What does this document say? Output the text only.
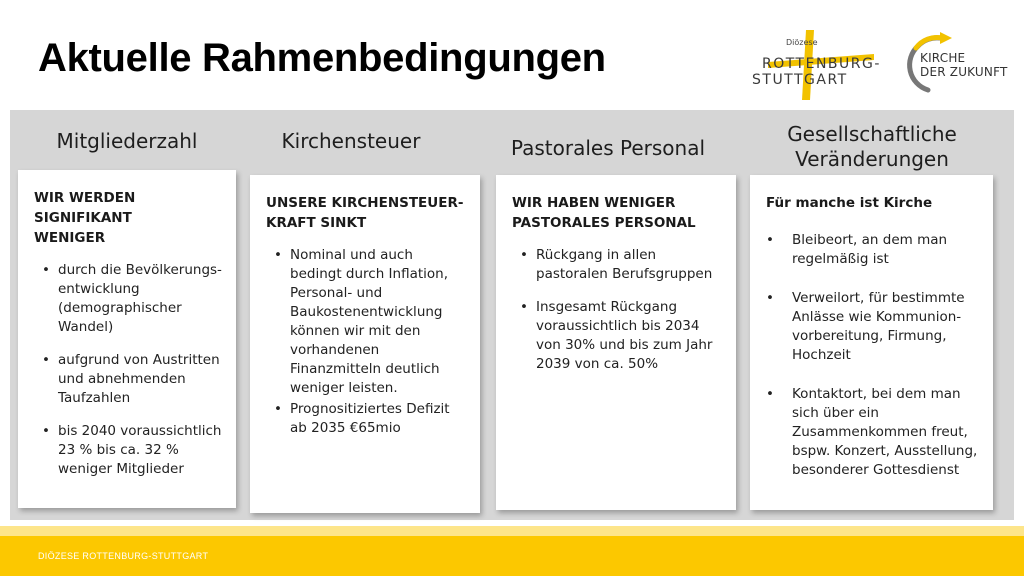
Aktuelle Rahmenbedingungen	Diözese
ROTTENBURG-
STUTTGART
KIRCHE
DER ZUKUNFT
Mitgliederzahl	Kirchensteuer	Pastorales Personal
Gesellschaftliche
Veränderungen
WIR WERDEN SIGNIFIKANT
WENIGER
• durch die Bevölkerungs- entwicklung (demographischer Wandel)
• aufgrund von Austritten und abnehmenden Taufzahlen
• bis 2040 voraussichtlich 23 % bis ca. 32 % weniger Mitglieder
UNSERE KIRCHENSTEUER-
KRAFT SINKT
• Nominal und auch bedingt durch Inflation, Personal- und Baukostenentwicklung können wir mit den vorhandenen Finanzmitteln deutlich weniger leisten.
• Prognositiziertes Defizit ab 2035 €65mio
WIR HABEN WENIGER
PASTORALES PERSONAL
• Rückgang in allen pastoralen Berufsgruppen
• Insgesamt Rückgang voraussichtlich bis 2034 von 30% und bis zum Jahr 2039 von ca. 50%
Für manche ist Kirche
• Bleibeort, an dem man regelmäßig ist
• Verweilort, für bestimmte Anlässe wie Kommunion- vorbereitung, Firmung, Hochzeit
• Kontaktort, bei dem man sich über ein Zusammenkommen freut, bspw. Konzert, Ausstellung, besonderer Gottesdienst
DIÖZESE ROTTENBURG-STUTTGART
